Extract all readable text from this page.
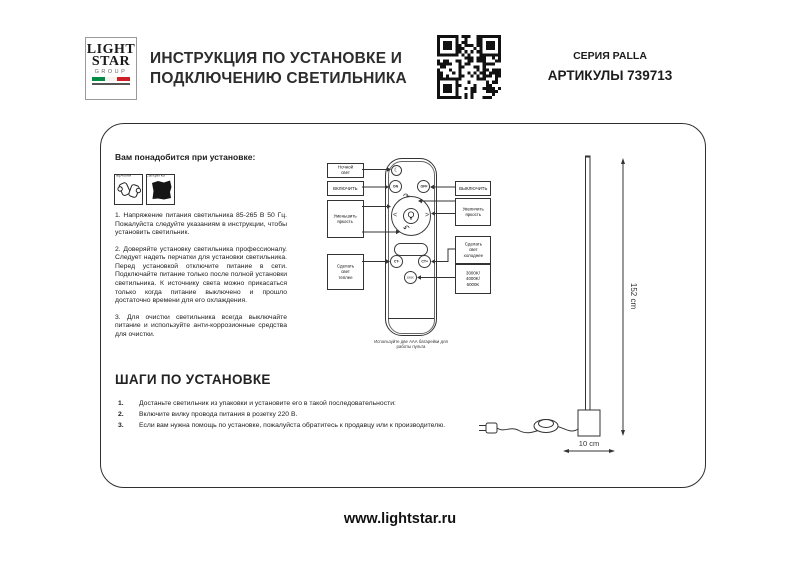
LIGHT
STAR
GROUP
ИНСТРУКЦИЯ ПО УСТАНОВКЕ И
ПОДКЛЮЧЕНИЮ СВЕТИЛЬНИКА
СЕРИЯ PALLA
АРТИКУЛЫ 739713
Вам понадобится при установке:
Перчатки	Салфетка

1. Напряжение питания светильника 85-265 В 50 Гц. Пожалуйста следуйте указаниям в инструкции, чтобы установить светильник.

2. Доверяйте установку светильника профессионалу. Следует надеть перчатки для установки светильника. Перед установкой отключите питание в сети. Подключайте питание только после полной установки светильника. К источнику света можно прикасаться только когда питание выключено и прошло достаточно времени для его охлаждения.

3. Для очистки светильника всегда выключайте питание и используйте анти-коррозионные средства для очистки.

ШАГИ ПО УСТАНОВКЕ
1.	Достаньте светильник из упаковки и установите его в такой последовательности:
2.	Включите вилку провода питания в розетку 220 В.
3.	Если вам нужна помощь по установке, пожалуйста обратитесь к продавцу или к производителю.
Ночной свет
ВКЛЮЧИТЬ
Уменьшить яркость
Сделать свет теплее
ВЫКЛЮЧИТЬ
Увеличить яркость
Сделать свет холоднее
3000K/ 4000K/ 6000K
☾
ON	OFF
<	>
↷
↶
CT-	CT+
3000K
Используйте две ААА батарейки для работы пульта
152 cm
10 cm
www.lightstar.ru
